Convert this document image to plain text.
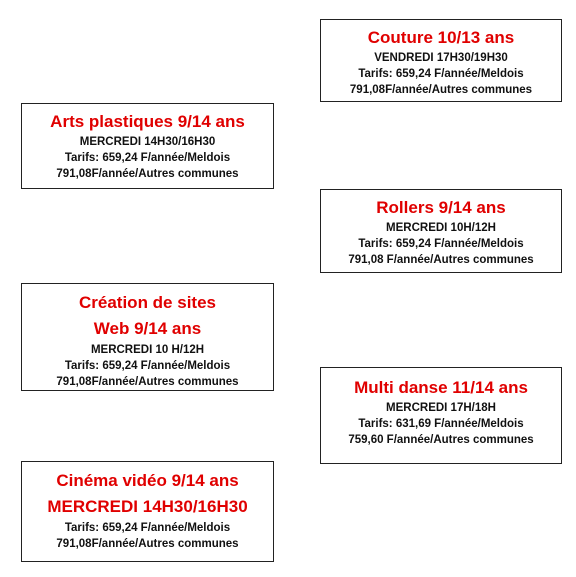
Couture 10/13 ans
VENDREDI 17H30/19H30
Tarifs: 659,24 F/année/Meldois
791,08F/année/Autres communes
Arts plastiques 9/14 ans
MERCREDI 14H30/16H30
Tarifs: 659,24 F/année/Meldois
791,08F/année/Autres communes
Rollers 9/14 ans
MERCREDI 10H/12H
Tarifs: 659,24 F/année/Meldois
791,08 F/année/Autres communes
Création de sites
Web 9/14 ans
MERCREDI 10 H/12H
Tarifs: 659,24 F/année/Meldois
791,08F/année/Autres communes	Multi danse 11/14 ans
MERCREDI 17H/18H
Tarifs: 631,69 F/année/Meldois
759,60 F/année/Autres communes
Cinéma vidéo 9/14 ans
MERCREDI 14H30/16H30
Tarifs: 659,24 F/année/Meldois
791,08F/année/Autres communes
